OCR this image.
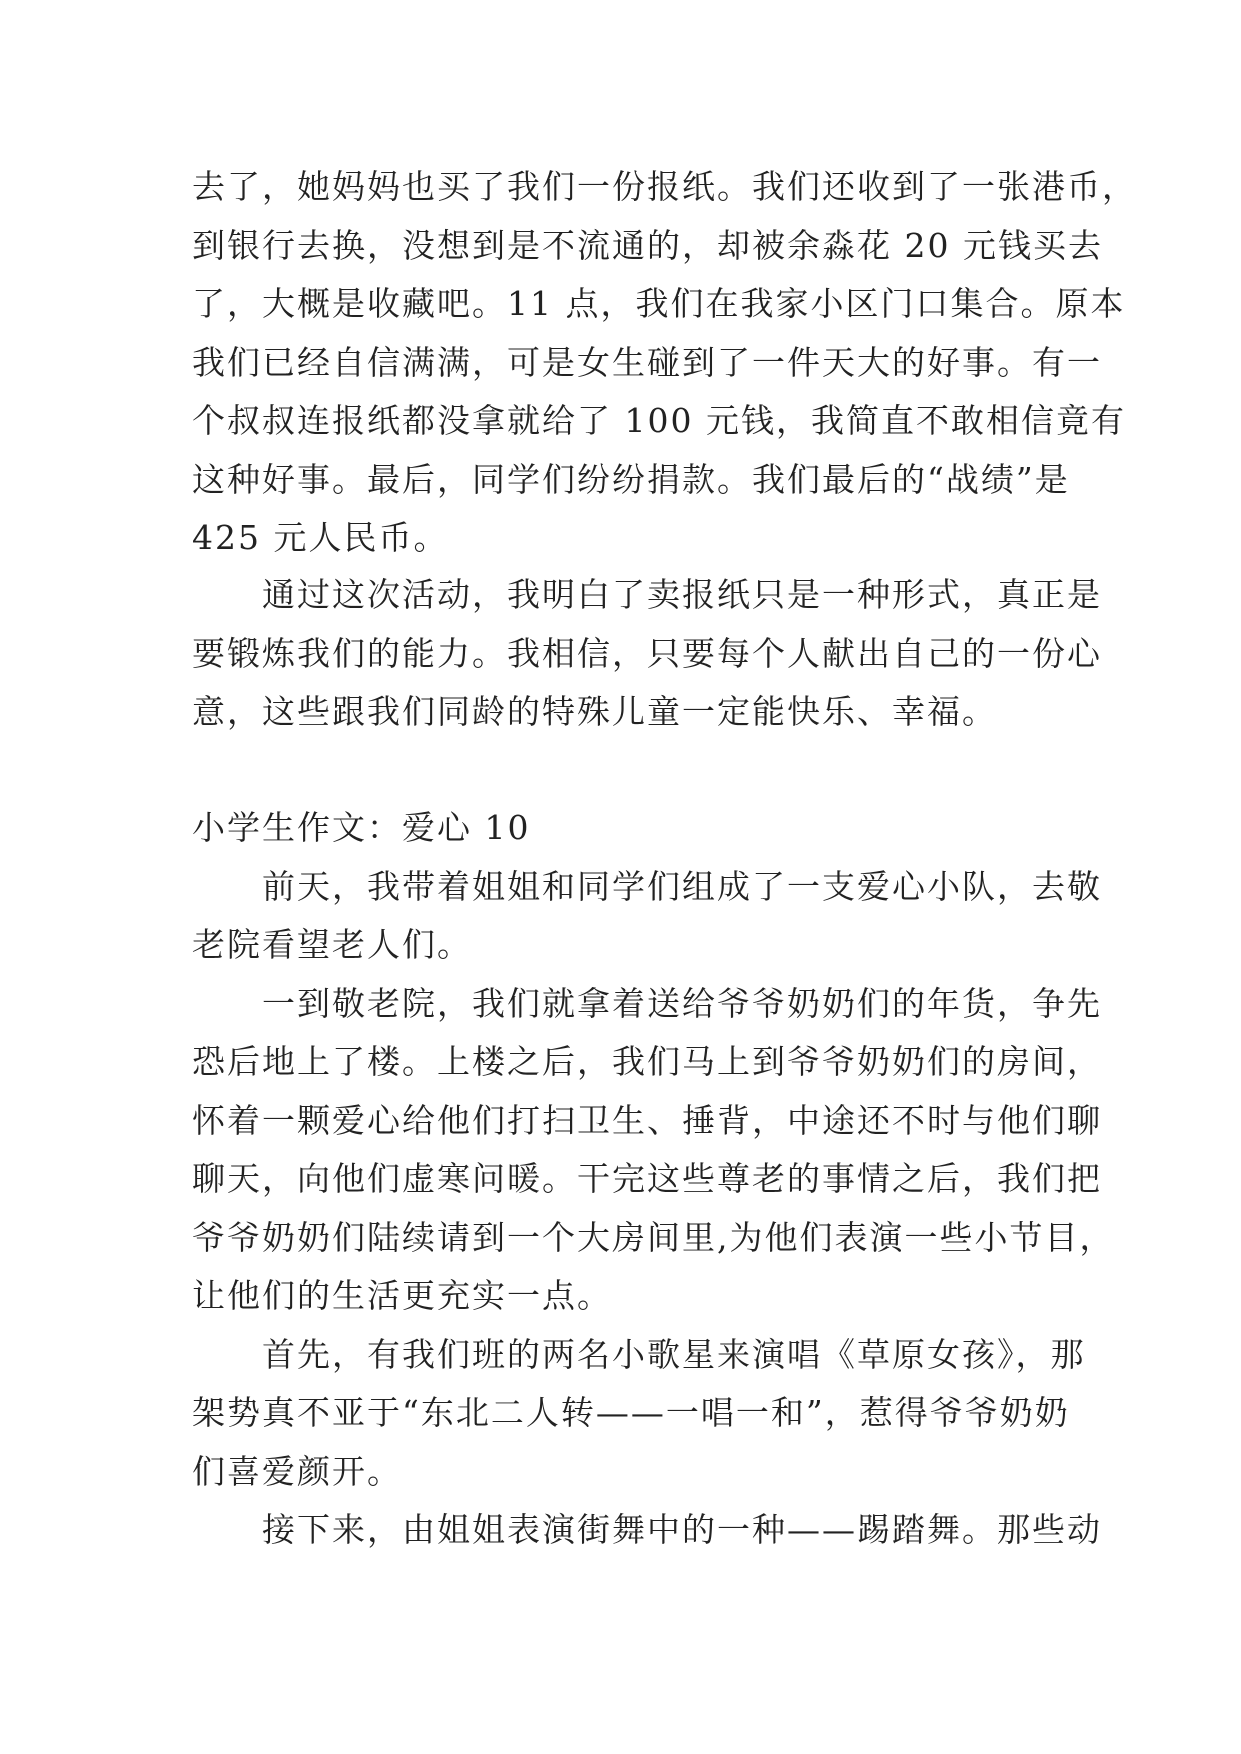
去了，她妈妈也买了我们一份报纸。我们还收到了一张港币，
到银行去换，没想到是不流通的，却被余淼花 20 元钱买去
了，大概是收藏吧。11 点，我们在我家小区门口集合。原本
我们已经自信满满，可是女生碰到了一件天大的好事。有一
个叔叔连报纸都没拿就给了 100 元钱，我简直不敢相信竟有
这种好事。最后，同学们纷纷捐款。我们最后的“战绩”是
425 元人民币。
　　通过这次活动，我明白了卖报纸只是一种形式，真正是
要锻炼我们的能力。我相信，只要每个人献出自己的一份心
意，这些跟我们同龄的特殊儿童一定能快乐、幸福。
小学生作文：爱心 10
　　前天，我带着姐姐和同学们组成了一支爱心小队，去敬
老院看望老人们。
　　一到敬老院，我们就拿着送给爷爷奶奶们的年货，争先
恐后地上了楼。上楼之后，我们马上到爷爷奶奶们的房间，
怀着一颗爱心给他们打扫卫生、捶背，中途还不时与他们聊
聊天，向他们虚寒问暖。干完这些尊老的事情之后，我们把
爷爷奶奶们陆续请到一个大房间里,为他们表演一些小节目，
让他们的生活更充实一点。
　　首先，有我们班的两名小歌星来演唱《草原女孩》，那
架势真不亚于“东北二人转——一唱一和”，惹得爷爷奶奶
们喜爱颜开。
　　接下来，由姐姐表演街舞中的一种——踢踏舞。那些动
